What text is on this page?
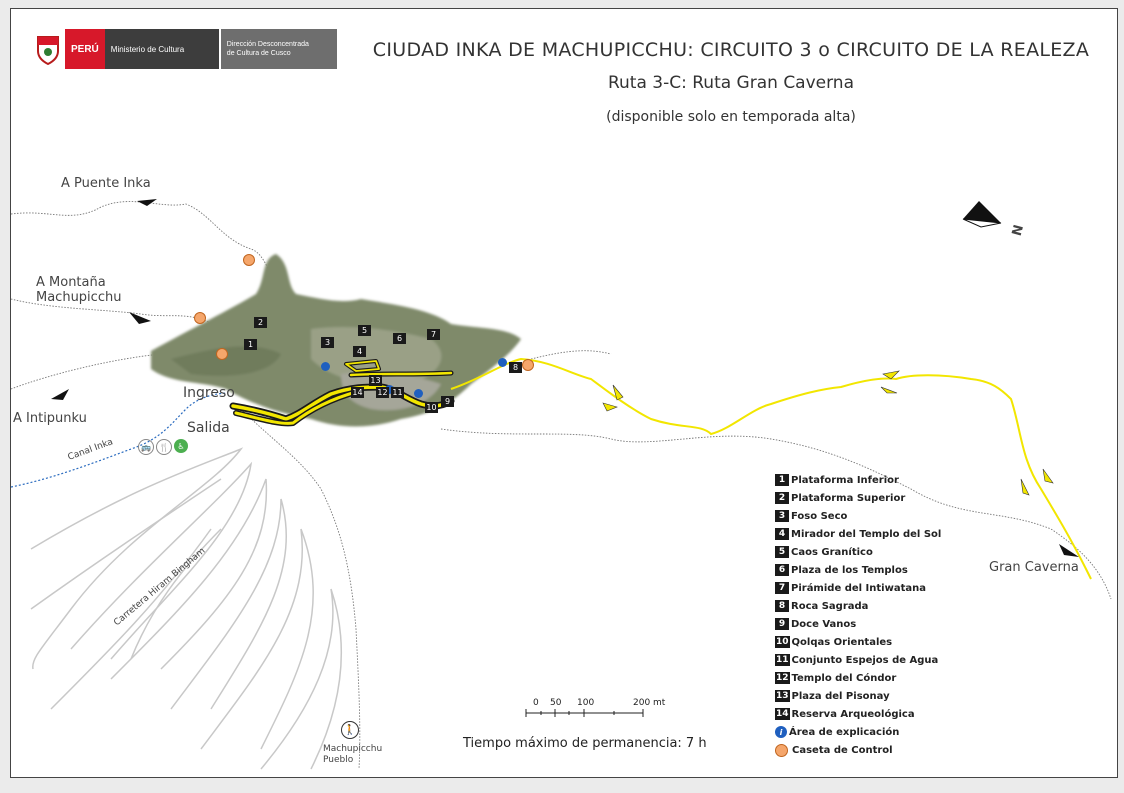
PERÚ	Ministerio de Cultura	Dirección Desconcentrada
de Cultura de Cusco	CIUDAD INKA DE MACHUPICCHU: CIRCUITO 3 o CIRCUITO DE LA REALEZA
Ruta 3-C: Ruta Gran Caverna
(disponible solo en temporada alta)
A Puente Inka
A Montaña
Machupicchu
A Intipunku
Ingreso
Salida
Canal Inka
Carretera Hiram Bingham	Gran Caverna
Machupicchu
Pueblo
N
🚌	🍴	♿
🚶
1
2
3
4
5
6	7
8
9
10
11
12
13
14
1 Plataforma Inferior
2 Plataforma Superior
3 Foso Seco
4 Mirador del Templo del Sol
5 Caos Granítico
6 Plaza de los Templos
7 Pirámide del Intiwatana
8 Roca Sagrada
9 Doce Vanos
10 Qolqas Orientales
11 Conjunto Espejos de Agua
12 Templo del Cóndor
13 Plaza del Pisonay
14 Reserva Arqueológica
i Área de explicación
Caseta de Control
0 50 100	200 mt
Tiempo máximo de permanencia: 7 h
